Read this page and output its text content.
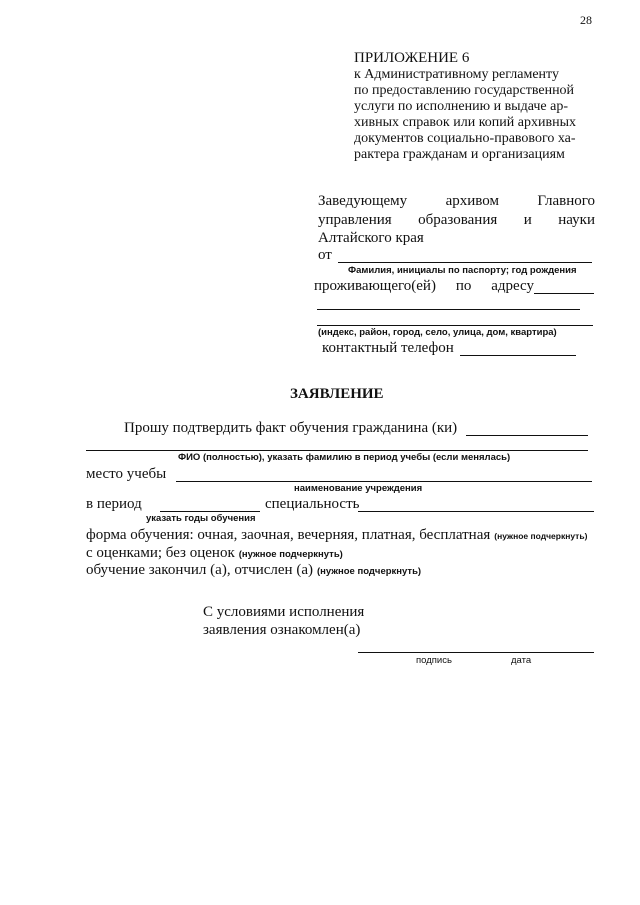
28
ПРИЛОЖЕНИЕ 6
к Административному регламенту
по предоставлению государственной
услуги по исполнению и выдаче ар-
хивных справок или копий архивных
документов социально-правового ха-
рактера гражданам и организациям
Заведующему	архивом	Главного
управления образования и науки
Алтайского края
от
Фамилия, инициалы по паспорту; год рождения
проживающего(ей) по адресу
(индекс, район, город, село, улица, дом, квартира)
контактный телефон
ЗАЯВЛЕНИЕ
Прошу подтвердить факт обучения гражданина (ки)
ФИО (полностью), указать фамилию в период учебы (если менялась)
место учебы
наименование учреждения
в период	специальность
указать годы обучения
форма обучения: очная, заочная, вечерняя, платная, бесплатная (нужное подчеркнуть)
с оценками; без оценок (нужное подчеркнуть)
обучение закончил (а), отчислен (а) (нужное подчеркнуть)
С условиями исполнения
заявления ознакомлен(а)
подпись	дата
